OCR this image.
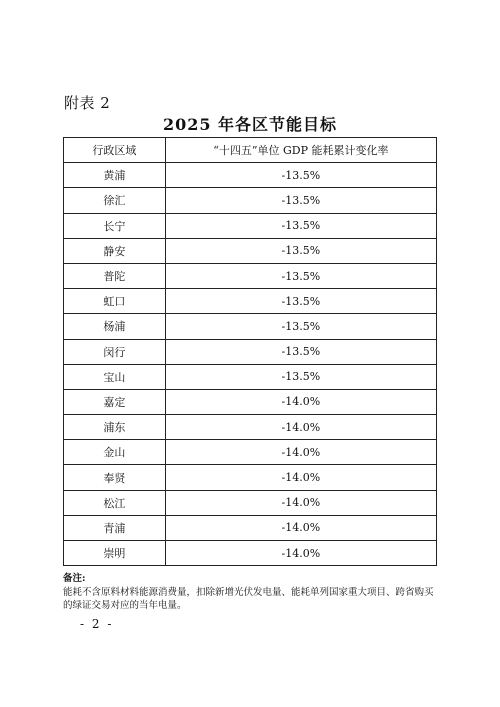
附表 2
2025 年各区节能目标
行政区域	“十四五”单位 GDP 能耗累计变化率
黄浦	-13.5%
徐汇	-13.5%
长宁	-13.5%
静安	-13.5%
普陀	-13.5%
虹口	-13.5%
杨浦	-13.5%
闵行	-13.5%
宝山	-13.5%
嘉定	-14.0%
浦东	-14.0%
金山	-14.0%
奉贤	-14.0%
松江	-14.0%
青浦	-14.0%
崇明	-14.0%
备注:
能耗不含原料材料能源消费量，扣除新增光伏发电量、能耗单列国家重大项目、跨省购买的绿证交易对应的当年电量。
- 2 -
